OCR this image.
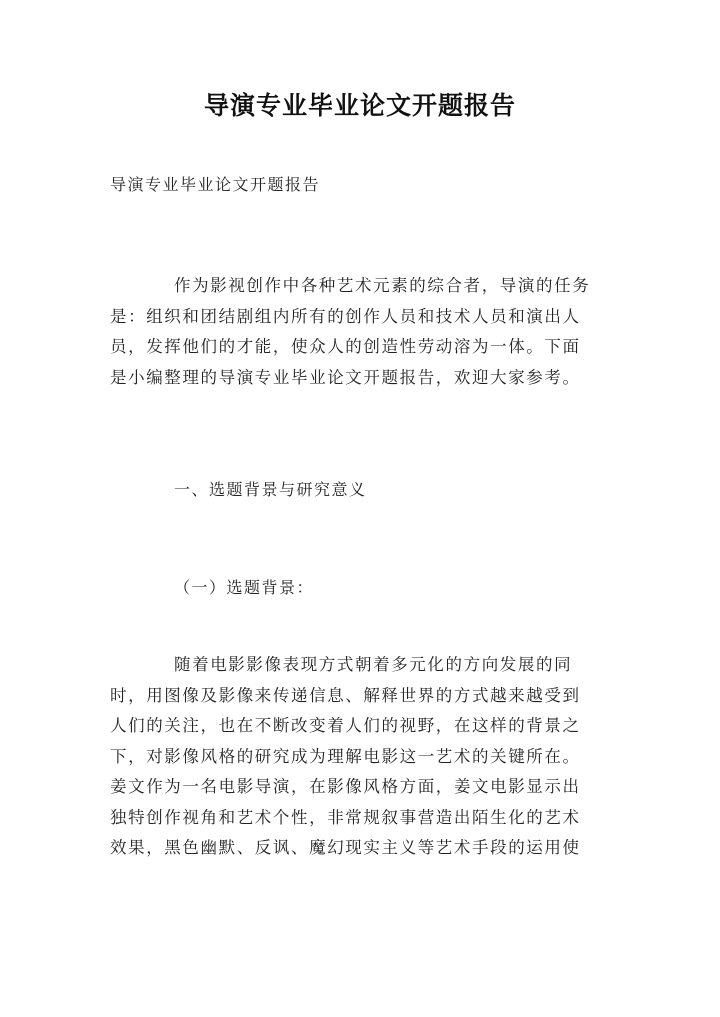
导演专业毕业论文开题报告
导演专业毕业论文开题报告
作为影视创作中各种艺术元素的综合者，导演的任务
是：组织和团结剧组内所有的创作人员和技术人员和演出人
员，发挥他们的才能，使众人的创造性劳动溶为一体。下面
是小编整理的导演专业毕业论文开题报告，欢迎大家参考。
一、选题背景与研究意义
（一）选题背景：
随着电影影像表现方式朝着多元化的方向发展的同
时，用图像及影像来传递信息、解释世界的方式越来越受到
人们的关注，也在不断改变着人们的视野，在这样的背景之
下，对影像风格的研究成为理解电影这一艺术的关键所在。
姜文作为一名电影导演，在影像风格方面，姜文电影显示出
独特创作视角和艺术个性，非常规叙事营造出陌生化的艺术
效果，黑色幽默、反讽、魔幻现实主义等艺术手段的运用使
